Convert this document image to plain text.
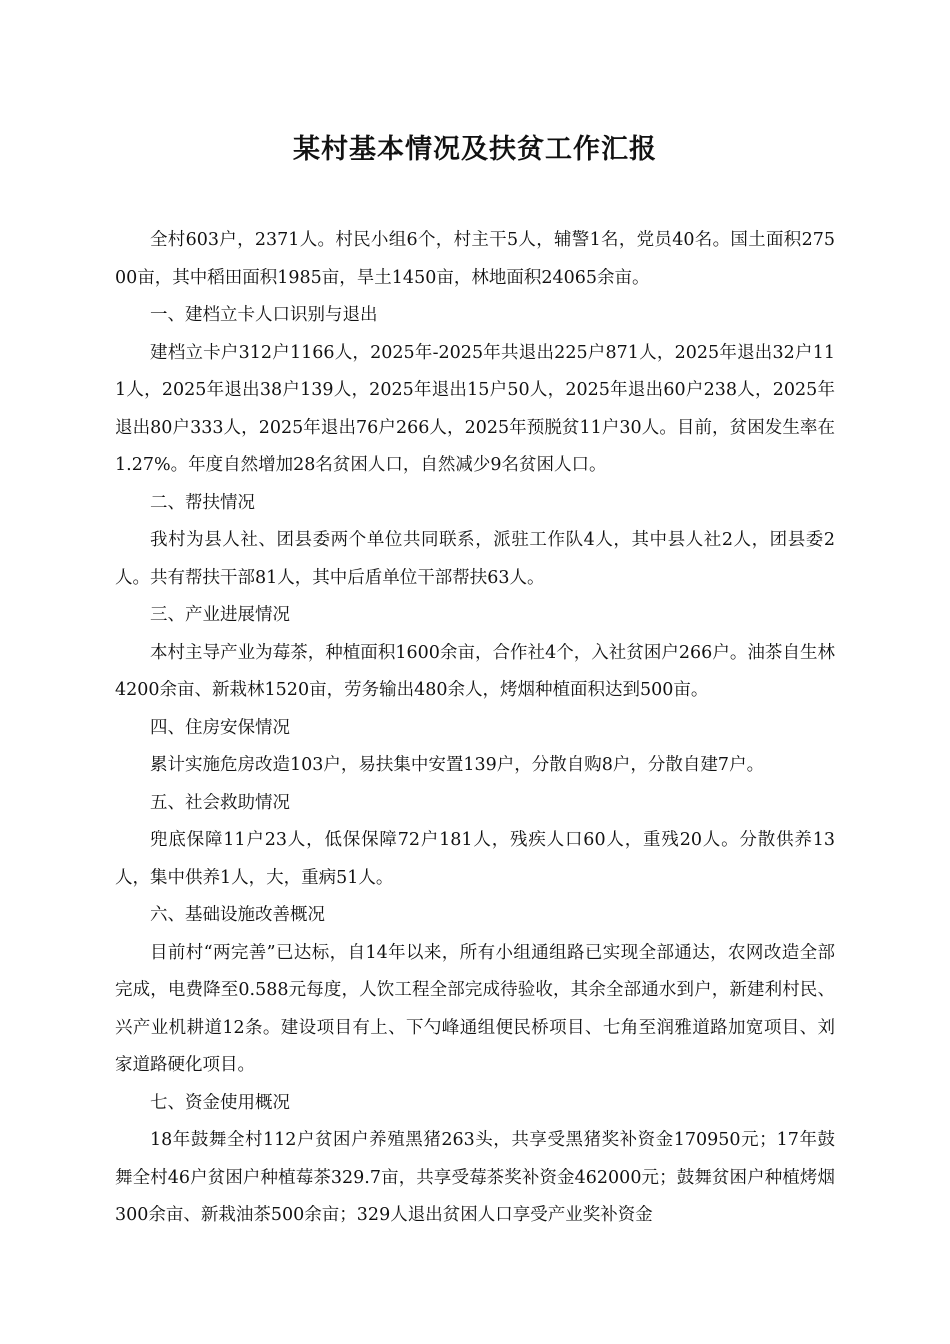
某村基本情况及扶贫工作汇报

全村603户，2371人。村民小组6个，村主干5人，辅警1名，党员40名。国土面积27500亩，其中稻田面积1985亩，旱土1450亩，林地面积24065余亩。

一、建档立卡人口识别与退出

建档立卡户312户1166人，2025年-2025年共退出225户871人，2025年退出32户111人，2025年退出38户139人，2025年退出15户50人，2025年退出60户238人，2025年退出80户333人，2025年退出76户266人，2025年预脱贫11户30人。目前，贫困发生率在1.27%。年度自然增加28名贫困人口，自然减少9名贫困人口。

二、帮扶情况

我村为县人社、团县委两个单位共同联系，派驻工作队4人，其中县人社2人，团县委2人。共有帮扶干部81人，其中后盾单位干部帮扶63人。

三、产业进展情况

本村主导产业为莓茶，种植面积1600余亩，合作社4个，入社贫困户266户。油茶自生林4200余亩、新栽林1520亩，劳务输出480余人，烤烟种植面积达到500亩。

四、住房安保情况

累计实施危房改造103户，易扶集中安置139户，分散自购8户，分散自建7户。

五、社会救助情况

兜底保障11户23人，低保保障72户181人，残疾人口60人，重残20人。分散供养13人，集中供养1人，大，重病51人。

六、基础设施改善概况

目前村“两完善”已达标，自14年以来，所有小组通组路已实现全部通达，农网改造全部完成，电费降至0.588元每度，人饮工程全部完成待验收，其余全部通水到户，新建利村民、兴产业机耕道12条。建设项目有上、下勺峰通组便民桥项目、七角至润雅道路加宽项目、刘家道路硬化项目。

七、资金使用概况

18年鼓舞全村112户贫困户养殖黑猪263头，共享受黑猪奖补资金170950元；17年鼓舞全村46户贫困户种植莓茶329.7亩，共享受莓茶奖补资金462000元；鼓舞贫困户种植烤烟300余亩、新栽油茶500余亩；329人退出贫困人口享受产业奖补资金
